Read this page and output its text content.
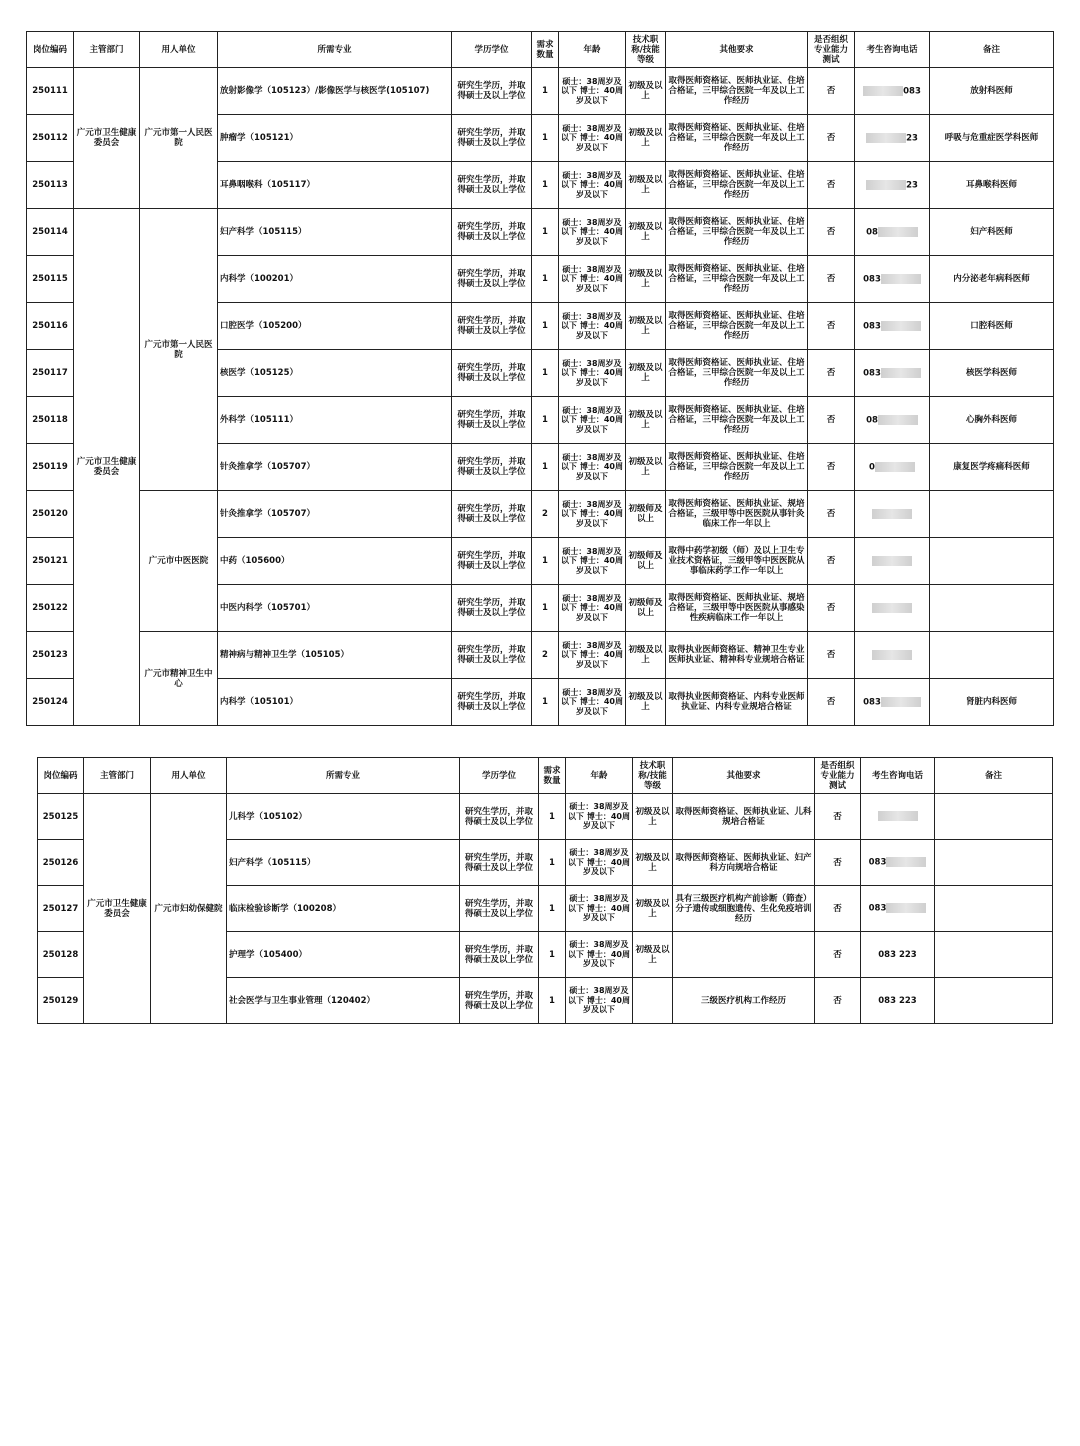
岗位编码	主管部门	用人单位	所需专业	学历学位	需求数量	年龄	技术职称/技能等级	其他要求	是否组织专业能力测试	考生咨询电话	备注
250111	广元市卫生健康委员会	广元市第一人民医院	放射影像学（105123）/影像医学与核医学(105107)	研究生学历，并取得硕士及以上学位	1	硕士：38周岁及以下 博士：40周岁及以下	初级及以上	取得医师资格证、医师执业证、住培合格证，三甲综合医院一年及以上工作经历	否	083	放射科医师
250112			肿瘤学（105121）	研究生学历，并取得硕士及以上学位	1	硕士：38周岁及以下 博士：40周岁及以下	初级及以上	取得医师资格证、医师执业证、住培合格证，三甲综合医院一年及以上工作经历	否	23	呼吸与危重症医学科医师
250113			耳鼻咽喉科（105117）	研究生学历，并取得硕士及以上学位	1	硕士：38周岁及以下 博士：40周岁及以下	初级及以上	取得医师资格证、医师执业证、住培合格证，三甲综合医院一年及以上工作经历	否	23	耳鼻喉科医师
250114	广元市卫生健康委员会	广元市第一人民医院	妇产科学（105115）	研究生学历，并取得硕士及以上学位	1	硕士：38周岁及以下 博士：40周岁及以下	初级及以上	取得医师资格证、医师执业证、住培合格证，三甲综合医院一年及以上工作经历	否	08	妇产科医师
250115			内科学（100201）	研究生学历，并取得硕士及以上学位	1	硕士：38周岁及以下 博士：40周岁及以下	初级及以上	取得医师资格证、医师执业证、住培合格证，三甲综合医院一年及以上工作经历	否	083	内分泌老年病科医师
250116			口腔医学（105200）	研究生学历，并取得硕士及以上学位	1	硕士：38周岁及以下 博士：40周岁及以下	初级及以上	取得医师资格证、医师执业证、住培合格证，三甲综合医院一年及以上工作经历	否	083	口腔科医师
250117			核医学（105125）	研究生学历，并取得硕士及以上学位	1	硕士：38周岁及以下 博士：40周岁及以下	初级及以上	取得医师资格证、医师执业证、住培合格证，三甲综合医院一年及以上工作经历	否	083	核医学科医师
250118			外科学（105111）	研究生学历，并取得硕士及以上学位	1	硕士：38周岁及以下 博士：40周岁及以下	初级及以上	取得医师资格证、医师执业证、住培合格证，三甲综合医院一年及以上工作经历	否	08	心胸外科医师
250119			针灸推拿学（105707）	研究生学历，并取得硕士及以上学位	1	硕士：38周岁及以下 博士：40周岁及以下	初级及以上	取得医师资格证、医师执业证、住培合格证，三甲综合医院一年及以上工作经历	否	0	康复医学疼痛科医师
250120		广元市中医医院	针灸推拿学（105707）	研究生学历，并取得硕士及以上学位	2	硕士：38周岁及以下 博士：40周岁及以下	初级师及以上	取得医师资格证、医师执业证、规培合格证，三级甲等中医医院从事针灸临床工作一年以上	否		
250121			中药（105600）	研究生学历，并取得硕士及以上学位	1	硕士：38周岁及以下 博士：40周岁及以下	初级师及以上	取得中药学初级（师）及以上卫生专业技术资格证，三级甲等中医医院从事临床药学工作一年以上	否		
250122			中医内科学（105701）	研究生学历，并取得硕士及以上学位	1	硕士：38周岁及以下 博士：40周岁及以下	初级师及以上	取得医师资格证、医师执业证、规培合格证，三级甲等中医医院从事感染性疾病临床工作一年以上	否		
250123		广元市精神卫生中心	精神病与精神卫生学（105105）	研究生学历，并取得硕士及以上学位	2	硕士：38周岁及以下 博士：40周岁及以下	初级及以上	取得执业医师资格证、精神卫生专业医师执业证、精神科专业规培合格证	否		
250124			内科学（105101）	研究生学历，并取得硕士及以上学位	1	硕士：38周岁及以下 博士：40周岁及以下	初级及以上	取得执业医师资格证、内科专业医师执业证、内科专业规培合格证	否	083	肾脏内科医师
岗位编码	主管部门	用人单位	所需专业	学历学位	需求数量	年龄	技术职称/技能等级	其他要求	是否组织专业能力测试	考生咨询电话	备注
250125	广元市卫生健康委员会	广元市妇幼保健院	儿科学（105102）	研究生学历，并取得硕士及以上学位	1	硕士：38周岁及以下 博士：40周岁及以下	初级及以上	取得医师资格证、医师执业证、儿科规培合格证	否		
250126			妇产科学（105115）	研究生学历，并取得硕士及以上学位	1	硕士：38周岁及以下 博士：40周岁及以下	初级及以上	取得医师资格证、医师执业证、妇产科方向规培合格证	否	083	
250127			临床检验诊断学（100208）	研究生学历，并取得硕士及以上学位	1	硕士：38周岁及以下 博士：40周岁及以下	初级及以上	具有三级医疗机构产前诊断（筛查）分子遗传或细胞遗传、生化免疫培训经历	否	083	
250128			护理学（105400）	研究生学历，并取得硕士及以上学位	1	硕士：38周岁及以下 博士：40周岁及以下	初级及以上		否	083 223	
250129			社会医学与卫生事业管理（120402）	研究生学历，并取得硕士及以上学位	1	硕士：38周岁及以下 博士：40周岁及以下		三级医疗机构工作经历	否	083 223	
